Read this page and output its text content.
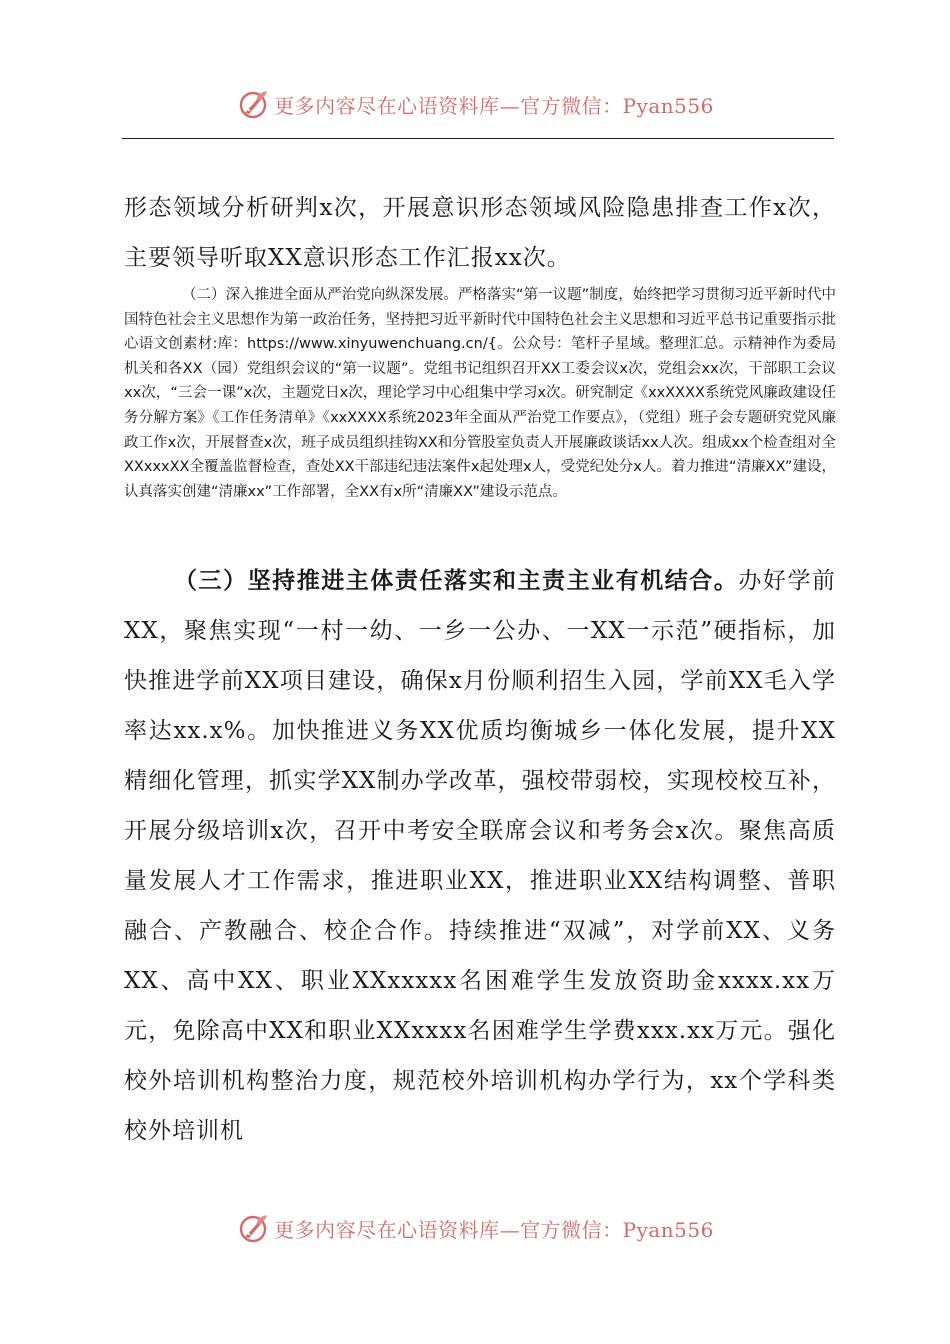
更多内容尽在心语资料库—官方微信：Pyan556

形态领域分析研判x次，开展意识形态领域风险隐患排查工作x次，主要领导听取XX意识形态工作汇报xx次。

（二）深入推进全面从严治党向纵深发展。严格落实“第一议题”制度，始终把学习贯彻习近平新时代中国特色社会主义思想作为第一政治任务，坚持把习近平新时代中国特色社会主义思想和习近平总书记重要指示批心语文创素材:库：https://www.xinyuwenchuang.cn/{。公众号：笔杆子星域。整理汇总。示精神作为委局机关和各XX（园）党组织会议的“第一议题”。党组书记组织召开XX工委会议x次，党组会xx次，干部职工会议xx次，“三会一课”x次，主题党日x次，理论学习中心组集中学习x次。研究制定《xxXXXX系统党风廉政建设任务分解方案》《工作任务清单》《xxXXXX系统2023年全面从严治党工作要点》，（党组）班子会专题研究党风廉政工作x次，开展督查x次，班子成员组织挂钩XX和分管股室负责人开展廉政谈话xx人次。组成xx个检查组对全XXxxxXX全覆盖监督检查，查处XX干部违纪违法案件x起处理x人，受党纪处分x人。着力推进“清廉XX”建设，认真落实创建“清廉xx”工作部署，全XX有x所“清廉XX”建设示范点。

（三）坚持推进主体责任落实和主责主业有机结合。办好学前XX，聚焦实现“一村一幼、一乡一公办、一XX一示范”硬指标，加快推进学前XX项目建设，确保x月份顺利招生入园，学前XX毛入学率达xx.x%。加快推进义务XX优质均衡城乡一体化发展，提升XX精细化管理，抓实学XX制办学改革，强校带弱校，实现校校互补，开展分级培训x次，召开中考安全联席会议和考务会x次。聚焦高质量发展人才工作需求，推进职业XX，推进职业XX结构调整、普职融合、产教融合、校企合作。持续推进“双减”，对学前XX、义务XX、高中XX、职业XXxxxxx名困难学生发放资助金xxxx.xx万元，免除高中XX和职业XXxxxx名困难学生学费xxx.xx万元。强化校外培训机构整治力度，规范校外培训机构办学行为，xx个学科类校外培训机

更多内容尽在心语资料库—官方微信：Pyan556
